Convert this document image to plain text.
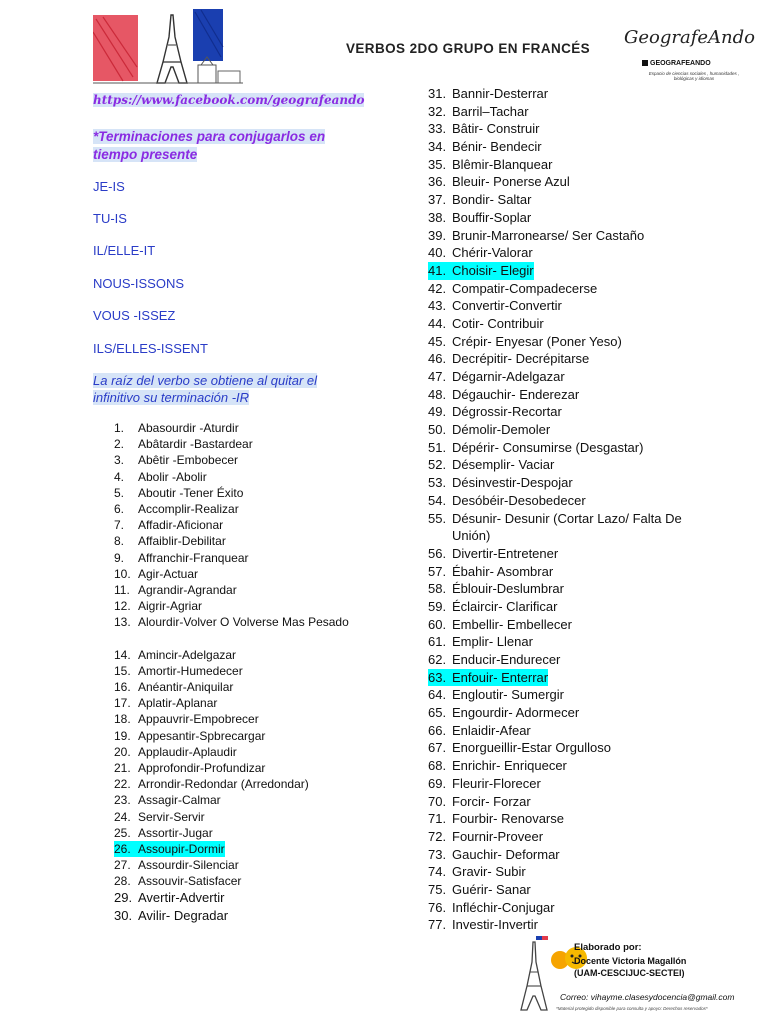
VERBOS 2DO GRUPO EN FRANCÉS
GeografeAndo
GEOGRAFEANDO
Espacio de ciencias sociales , humanidades , biológicas y idiomas
https://www.facebook.com/geografeando
*Terminaciones para conjugarlos en tiempo presente
JE-IS
TU-IS
IL/ELLE-IT
NOUS-ISSONS
VOUS -ISSEZ
ILS/ELLES-ISSENT
La raíz del verbo se obtiene al quitar el infinitivo su terminación -IR
1.	Abasourdir -Aturdir
2.	Abâtardir -Bastardear
3.	Abêtir -Embobecer
4.	Abolir -Abolir
5.	Aboutir -Tener Éxito
6.	Accomplir-Realizar
7.	Affadir-Aficionar
8.	Affaiblir-Debilitar
9.	Affranchir-Franquear
10. Agir-Actuar
11. Agrandir-Agrandar
12. Aigrir-Agriar
13. Alourdir-Volver O Volverse Mas Pesado
14. Amincir-Adelgazar
15. Amortir-Humedecer
16. Anéantir-Aniquilar
17. Aplatir-Aplanar
18. Appauvrir-Empobrecer
19. Appesantir-Spbrecargar
20. Applaudir-Aplaudir
21. Approfondir-Profundizar
22. Arrondir-Redondar (Arredondar)
23. Assagir-Calmar
24. Servir-Servir
25. Assortir-Jugar
26. Assoupir-Dormir
27. Assourdir-Silenciar
28. Assouvir-Satisfacer
29. Avertir-Advertir
30. Avilir- Degradar
31. Bannir-Desterrar
32. Barril–Tachar
33. Bâtir- Construir
34. Bénir- Bendecir
35. Blêmir-Blanquear
36. Bleuir- Ponerse Azul
37. Bondir- Saltar
38. Bouffir-Soplar
39. Brunir-Marronearse/ Ser Castaño
40. Chérir-Valorar
41. Choisir- Elegir
42. Compatir-Compadecerse
43. Convertir-Convertir
44. Cotir- Contribuir
45. Crépir- Enyesar (Poner Yeso)
46. Decrépitir- Decrépitarse
47. Dégarnir-Adelgazar
48. Dégauchir- Enderezar
49. Dégrossir-Recortar
50. Démolir-Demoler
51. Dépérir- Consumirse (Desgastar)
52. Désemplir- Vaciar
53. Désinvestir-Despojar
54. Desóbéir-Desobedecer
55. Désunir- Desunir (Cortar Lazo/ Falta De Unión)
56. Divertir-Entretener
57. Ébahir- Asombrar
58. Éblouir-Deslumbrar
59. Éclaircir- Clarificar
60. Embellir- Embellecer
61. Emplir- Llenar
62. Enducir-Endurecer
63. Enfouir- Enterrar
64. Engloutir- Sumergir
65. Engourdir- Adormecer
66. Enlaidir-Afear
67. Enorgueillir-Estar Orgulloso
68. Enrichir- Enriquecer
69. Fleurir-Florecer
70. Forcir- Forzar
71. Fourbir- Renovarse
72. Fournir-Proveer
73. Gauchir- Deformar
74. Gravir- Subir
75. Guérir- Sanar
76. Infléchir-Conjugar
77. Investir-Invertir
Elaborado por:
Docente Victoria Magallón
(UAM-CESCIJUC-SECTEI)
Correo: vihayme.clasesydocencia@gmail.com
*Material protegido disponible para consulta y apoyo: Derechos reservados*
